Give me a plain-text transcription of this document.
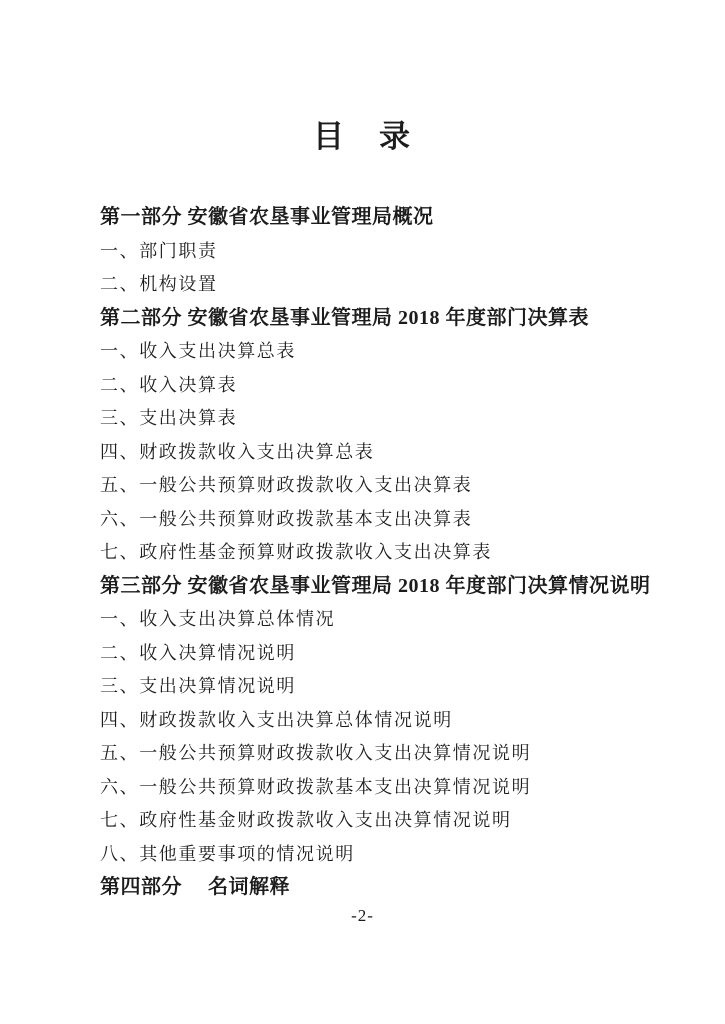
目　录
第一部分 安徽省农垦事业管理局概况
一、部门职责
二、机构设置
第二部分 安徽省农垦事业管理局 2018 年度部门决算表
一、收入支出决算总表
二、收入决算表
三、支出决算表
四、财政拨款收入支出决算总表
五、一般公共预算财政拨款收入支出决算表
六、一般公共预算财政拨款基本支出决算表
七、政府性基金预算财政拨款收入支出决算表
第三部分 安徽省农垦事业管理局 2018 年度部门决算情况说明
一、收入支出决算总体情况
二、收入决算情况说明
三、支出决算情况说明
四、财政拨款收入支出决算总体情况说明
五、一般公共预算财政拨款收入支出决算情况说明
六、一般公共预算财政拨款基本支出决算情况说明
七、政府性基金财政拨款收入支出决算情况说明
八、其他重要事项的情况说明
第四部分　 名词解释
-2-
